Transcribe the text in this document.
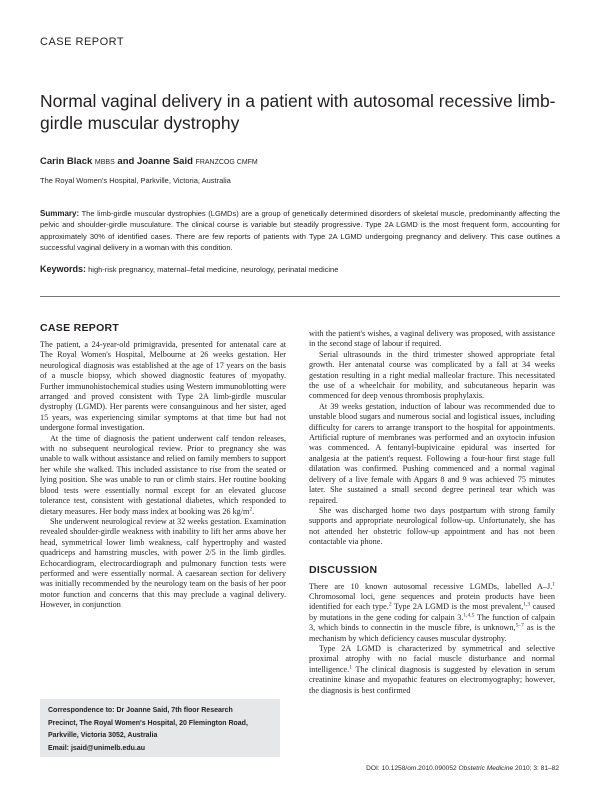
CASE REPORT
Normal vaginal delivery in a patient with autosomal recessive limb-girdle muscular dystrophy
Carin Black MBBS and Joanne Said FRANZCOG CMFM
The Royal Women's Hospital, Parkville, Victoria, Australia
Summary: The limb-girdle muscular dystrophies (LGMDs) are a group of genetically determined disorders of skeletal muscle, predominantly affecting the pelvic and shoulder-girdle musculature. The clinical course is variable but steadily progressive. Type 2A LGMD is the most frequent form, accounting for approximately 30% of identified cases. There are few reports of patients with Type 2A LGMD undergoing pregnancy and delivery. This case outlines a successful vaginal delivery in a woman with this condition.
Keywords: high-risk pregnancy, maternal–fetal medicine, neurology, perinatal medicine
CASE REPORT

The patient, a 24-year-old primigravida, presented for antenatal care at The Royal Women's Hospital, Melbourne at 26 weeks gestation. Her neurological diagnosis was established at the age of 17 years on the basis of a muscle biopsy, which showed diagnostic features of myopathy. Further immunohistochemical studies using Western immunoblotting were arranged and proved consistent with Type 2A limb-girdle muscular dystrophy (LGMD). Her parents were consanguinous and her sister, aged 15 years, was experiencing similar symptoms at that time but had not undergone formal investigation.

At the time of diagnosis the patient underwent calf tendon releases, with no subsequent neurological review. Prior to pregnancy she was unable to walk without assistance and relied on family members to support her while she walked. This included assistance to rise from the seated or lying position. She was unable to run or climb stairs. Her routine booking blood tests were essentially normal except for an elevated glucose tolerance test, consistent with gestational diabetes, which responded to dietary measures. Her body mass index at booking was 26 $kg/m^2$.

She underwent neurological review at 32 weeks gestation. Examination revealed shoulder-girdle weakness with inability to lift her arms above her head, symmetrical lower limb weakness, calf hypertrophy and wasted quadriceps and hamstring muscles, with power 2/5 in the limb girdles. Echocardiogram, electrocardiograph and pulmonary function tests were performed and were essentially normal. A caesarean section for delivery was initially recommended by the neurology team on the basis of her poor motor function and concerns that this may preclude a vaginal delivery. However, in conjunction

with the patient's wishes, a vaginal delivery was proposed, with assistance in the second stage of labour if required.

Serial ultrasounds in the third trimester showed appropriate fetal growth. Her antenatal course was complicated by a fall at 34 weeks gestation resulting in a right medial malleolar fracture. This necessitated the use of a wheelchair for mobility, and subcutaneous heparin was commenced for deep venous thrombosis prophylaxis.

At 39 weeks gestation, induction of labour was recommended due to unstable blood sugars and numerous social and logistical issues, including difficulty for carers to arrange transport to the hospital for appointments. Artificial rupture of membranes was performed and an oxytocin infusion was commenced. A fentanyl-bupivicaine epidural was inserted for analgesia at the patient's request. Following a four-hour first stage full dilatation was confirmed. Pushing commenced and a normal vaginal delivery of a live female with Apgars 8 and 9 was achieved 75 minutes later. She sustained a small second degree perineal tear which was repaired.

She was discharged home two days postpartum with strong family supports and appropriate neurological follow-up. Unfortunately, she has not attended her obstetric follow-up appointment and has not been contactable via phone.

DISCUSSION

There are 10 known autosomal recessive LGMDs, labelled A–J.$^1$ Chromosomal loci, gene sequences and protein products have been identified for each type.$^2$ Type 2A LGMD is the most prevalent,$^{1,3}$ caused by mutations in the gene coding for calpain 3.$^{1,4,5}$ The function of calpain 3, which binds to connectin in the muscle fibre, is unknown,$^{5-7}$ as is the mechanism by which deficiency causes muscular dystrophy.

Type 2A LGMD is characterized by symmetrical and selective proximal atrophy with no facial muscle disturbance and normal intelligence.$^1$ The clinical diagnosis is suggested by elevation in serum creatinine kinase and myopathic features on electromyography; however, the diagnosis is best confirmed

Correspondence to: Dr Joanne Said, 7th floor Research
Precinct, The Royal Women's Hospital, 20 Flemington Road,
Parkville, Victoria 3052, Australia
Email: jsaid@unimelb.edu.au
DOI: 10.1258/om.2010.090052 Obstetric Medicine 2010; 3: 81–82
